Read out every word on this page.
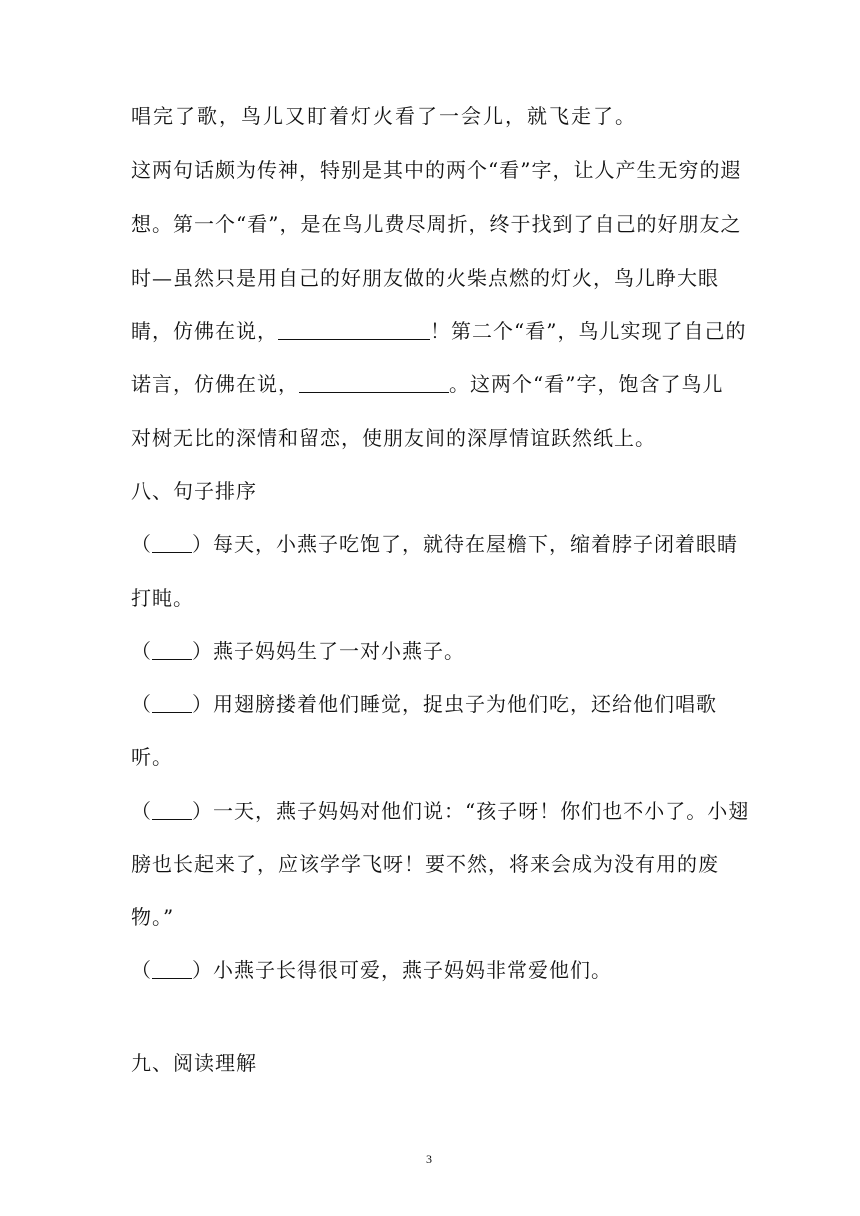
唱完了歌，鸟儿又盯着灯火看了一会儿，就飞走了。
这两句话颇为传神，特别是其中的两个“看”字，让人产生无穷的遐
想。第一个“看”，是在鸟儿费尽周折，终于找到了自己的好朋友之
时—虽然只是用自己的好朋友做的火柴点燃的灯火，鸟儿睁大眼
睛，仿佛在说，	！第二个“看”，鸟儿实现了自己的
诺言，仿佛在说，	。这两个“看”字，饱含了鸟儿
对树无比的深情和留恋，使朋友间的深厚情谊跃然纸上。
八、句子排序
（ ）每天，小燕子吃饱了，就待在屋檐下，缩着脖子闭着眼睛
打盹。
（ ）燕子妈妈生了一对小燕子。
（ ）用翅膀搂着他们睡觉，捉虫子为他们吃，还给他们唱歌
听。
（ ）一天，燕子妈妈对他们说：“孩子呀！你们也不小了。小翅
膀也长起来了，应该学学飞呀！要不然，将来会成为没有用的废
物。”
（ ）小燕子长得很可爱，燕子妈妈非常爱他们。
九、阅读理解
3
